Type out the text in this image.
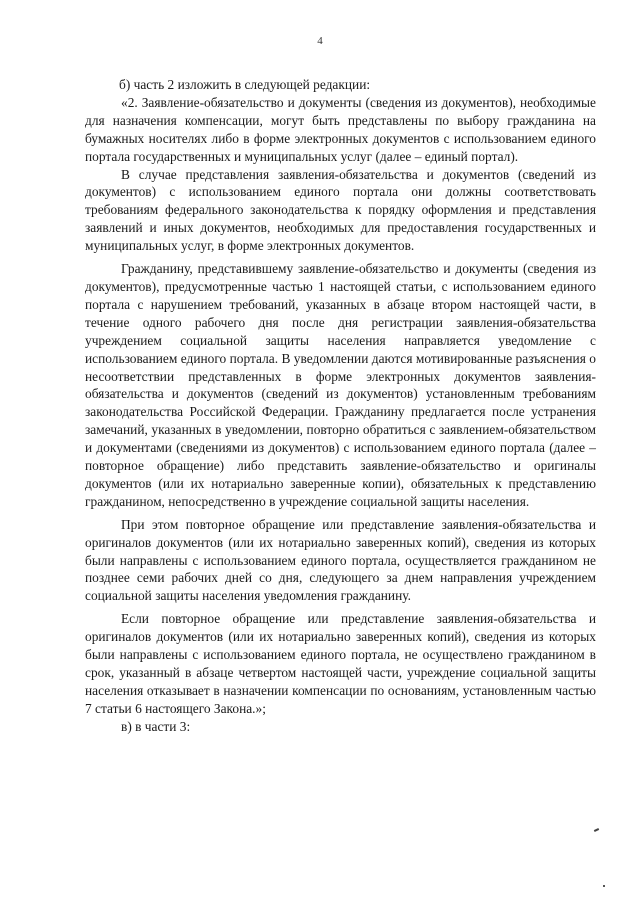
4

б) часть 2 изложить в следующей редакции:

«2. Заявление-обязательство и документы (сведения из документов), необходимые для назначения компенсации, могут быть представлены по выбору гражданина на бумажных носителях либо в форме электронных документов с использованием единого портала государственных и муниципальных услуг (далее – единый портал).

В случае представления заявления-обязательства и документов (сведений из документов) с использованием единого портала они должны соответствовать требованиям федерального законодательства к порядку оформления и представления заявлений и иных документов, необходимых для предоставления государственных и муниципальных услуг, в форме электронных документов.

Гражданину, представившему заявление-обязательство и документы (сведения из документов), предусмотренные частью 1 настоящей статьи, с использованием единого портала с нарушением требований, указанных в абзаце втором настоящей части, в течение одного рабочего дня после дня регистрации заявления-обязательства учреждением социальной защиты населения направляется уведомление с использованием единого портала. В уведомлении даются мотивированные разъяснения о несоответствии представленных в форме электронных документов заявления-обязательства и документов (сведений из документов) установленным требованиям законодательства Российской Федерации. Гражданину предлагается после устранения замечаний, указанных в уведомлении, повторно обратиться с заявлением-обязательством и документами (сведениями из документов) с использованием единого портала (далее – повторное обращение) либо представить заявление-обязательство и оригиналы документов (или их нотариально заверенные копии), обязательных к представлению гражданином, непосредственно в учреждение социальной защиты населения.

При этом повторное обращение или представление заявления-обязательства и оригиналов документов (или их нотариально заверенных копий), сведения из которых были направлены с использованием единого портала, осуществляется гражданином не позднее семи рабочих дней со дня, следующего за днем направления учреждением социальной защиты населения уведомления гражданину.

Если повторное обращение или представление заявления-обязательства и оригиналов документов (или их нотариально заверенных копий), сведения из которых были направлены с использованием единого портала, не осуществлено гражданином в срок, указанный в абзаце четвертом настоящей части, учреждение социальной защиты населения отказывает в назначении компенсации по основаниям, установленным частью 7 статьи 6 настоящего Закона.»;

в) в части 3:
